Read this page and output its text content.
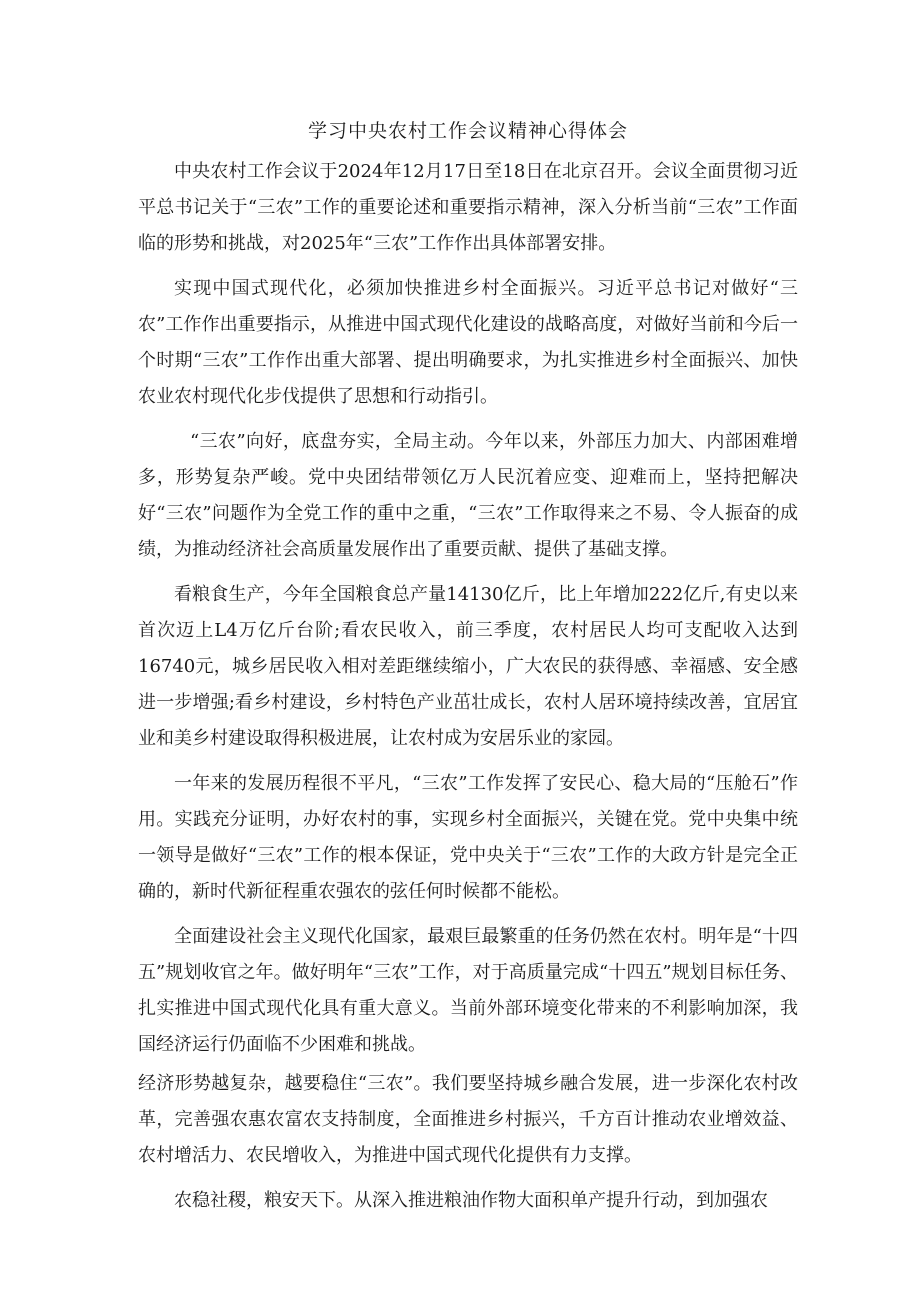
学习中央农村工作会议精神心得体会

中央农村工作会议于2024年12月17日至18日在北京召开。会议全面贯彻习近平总书记关于“三农”工作的重要论述和重要指示精神，深入分析当前“三农”工作面临的形势和挑战，对2025年“三农”工作作出具体部署安排。

实现中国式现代化，必须加快推进乡村全面振兴。习近平总书记对做好“三农”工作作出重要指示，从推进中国式现代化建设的战略高度，对做好当前和今后一个时期“三农”工作作出重大部署、提出明确要求，为扎实推进乡村全面振兴、加快农业农村现代化步伐提供了思想和行动指引。

“三农”向好，底盘夯实，全局主动。今年以来，外部压力加大、内部困难增多，形势复杂严峻。党中央团结带领亿万人民沉着应变、迎难而上，坚持把解决好“三农”问题作为全党工作的重中之重，“三农”工作取得来之不易、令人振奋的成绩，为推动经济社会高质量发展作出了重要贡献、提供了基础支撑。

看粮食生产，今年全国粮食总产量14130亿斤，比上年增加222亿斤,有史以来首次迈上L4万亿斤台阶;看农民收入，前三季度，农村居民人均可支配收入达到16740元，城乡居民收入相对差距继续缩小，广大农民的获得感、幸福感、安全感进一步增强;看乡村建设，乡村特色产业茁壮成长，农村人居环境持续改善，宜居宜业和美乡村建设取得积极进展，让农村成为安居乐业的家园。

一年来的发展历程很不平凡，“三农”工作发挥了安民心、稳大局的“压舱石”作用。实践充分证明，办好农村的事，实现乡村全面振兴，关键在党。党中央集中统一领导是做好“三农”工作的根本保证，党中央关于“三农”工作的大政方针是完全正确的，新时代新征程重农强农的弦任何时候都不能松。

全面建设社会主义现代化国家，最艰巨最繁重的任务仍然在农村。明年是“十四五”规划收官之年。做好明年“三农”工作，对于高质量完成“十四五”规划目标任务、扎实推进中国式现代化具有重大意义。当前外部环境变化带来的不利影响加深，我国经济运行仍面临不少困难和挑战。

经济形势越复杂，越要稳住“三农”。我们要坚持城乡融合发展，进一步深化农村改革，完善强农惠农富农支持制度，全面推进乡村振兴，千方百计推动农业增效益、农村增活力、农民增收入，为推进中国式现代化提供有力支撑。

农稳社稷，粮安天下。从深入推进粮油作物大面积单产提升行动，到加强农
